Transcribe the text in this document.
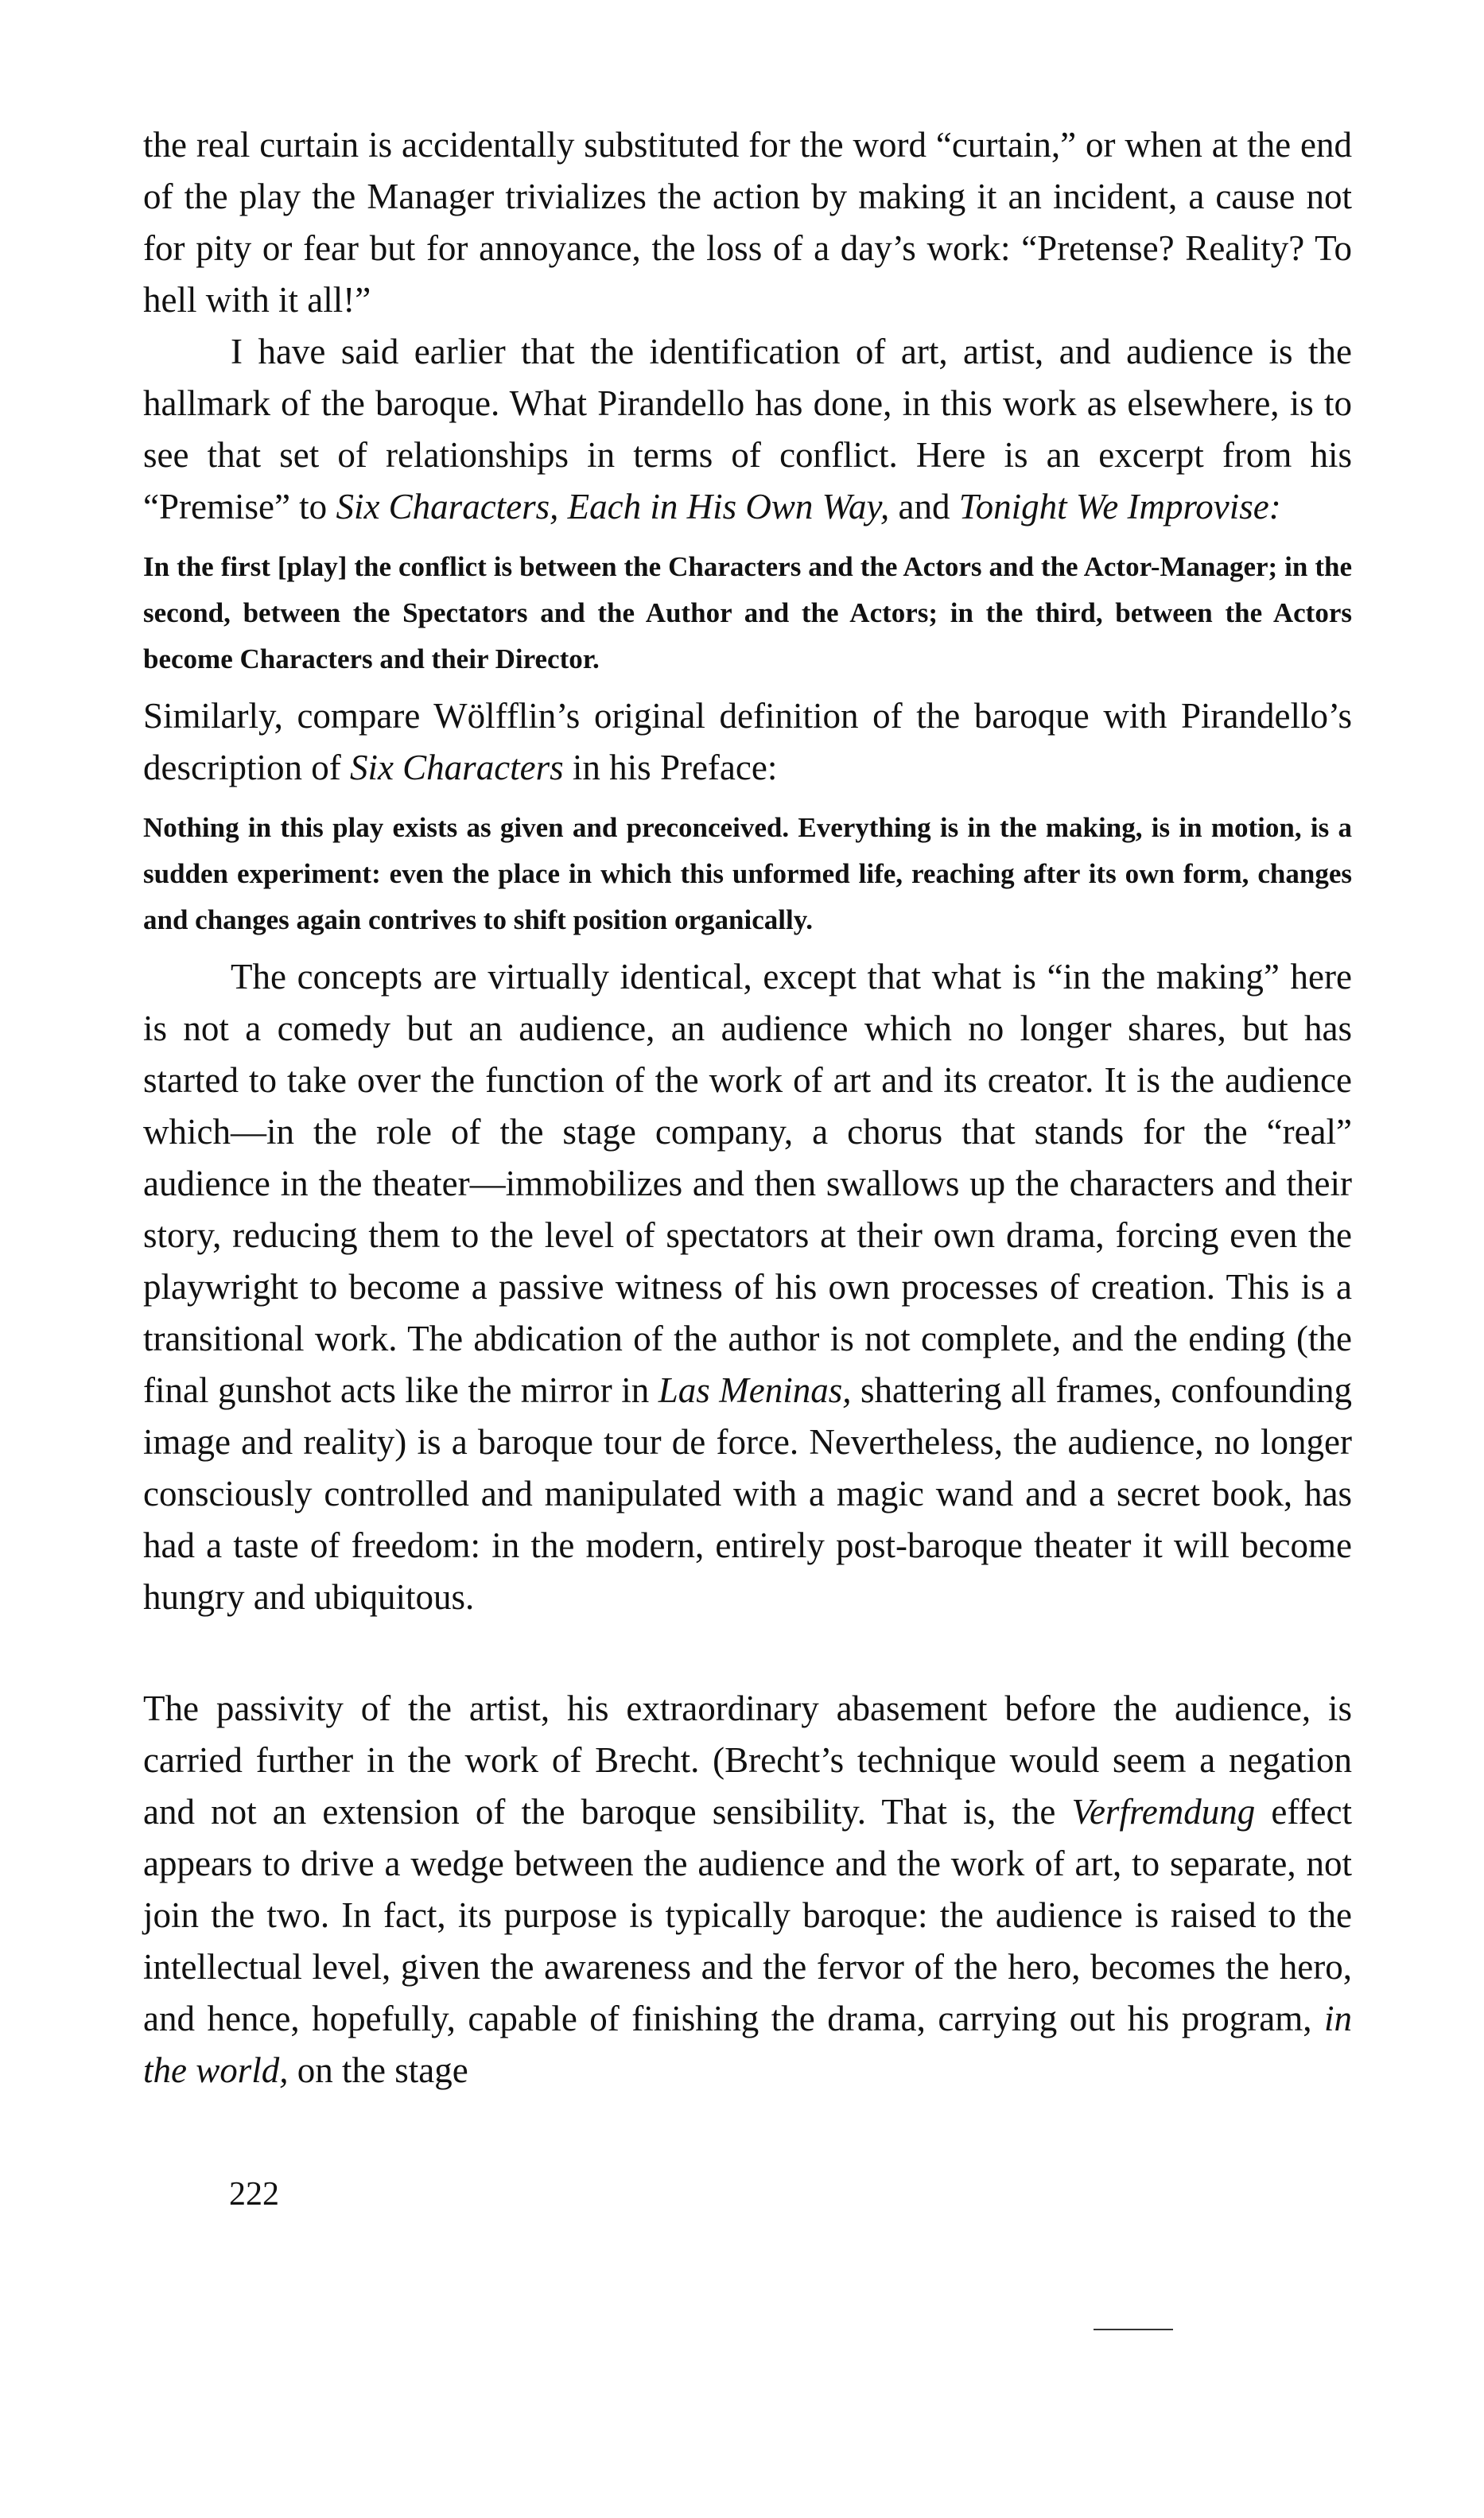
the real curtain is accidentally substituted for the word “curtain,” or when at the end of the play the Manager trivializes the action by making it an incident, a cause not for pity or fear but for annoyance, the loss of a day’s work: “Pretense? Reality? To hell with it all!”

I have said earlier that the identification of art, artist, and audience is the hallmark of the baroque. What Pirandello has done, in this work as elsewhere, is to see that set of relationships in terms of conflict. Here is an excerpt from his “Premise” to Six Characters, Each in His Own Way, and Tonight We Improvise:

In the first [play] the conflict is between the Characters and the Actors and the Actor-Manager; in the second, between the Spectators and the Author and the Actors; in the third, between the Actors become Characters and their Director.

Similarly, compare Wölfflin’s original definition of the baroque with Pirandello’s description of Six Characters in his Preface:

Nothing in this play exists as given and preconceived. Everything is in the making, is in motion, is a sudden experiment: even the place in which this unformed life, reaching after its own form, changes and changes again contrives to shift position organically.

The concepts are virtually identical, except that what is “in the making” here is not a comedy but an audience, an audience which no longer shares, but has started to take over the function of the work of art and its creator. It is the audience which—in the role of the stage company, a chorus that stands for the “real” audience in the theater—immobilizes and then swallows up the characters and their story, reducing them to the level of spectators at their own drama, forcing even the playwright to become a passive witness of his own processes of creation. This is a transitional work. The abdication of the author is not complete, and the ending (the final gunshot acts like the mirror in Las Meninas, shattering all frames, confounding image and reality) is a baroque tour de force. Nevertheless, the audience, no longer consciously controlled and manipulated with a magic wand and a secret book, has had a taste of freedom: in the modern, entirely post-baroque theater it will become hungry and ubiquitous.

The passivity of the artist, his extraordinary abasement before the audience, is carried further in the work of Brecht. (Brecht’s technique would seem a negation and not an extension of the baroque sensibility. That is, the Verfremdung effect appears to drive a wedge between the audience and the work of art, to separate, not join the two. In fact, its purpose is typically baroque: the audience is raised to the intellectual level, given the awareness and the fervor of the hero, becomes the hero, and hence, hopefully, capable of finishing the drama, carrying out his program, in the world, on the stage

222
